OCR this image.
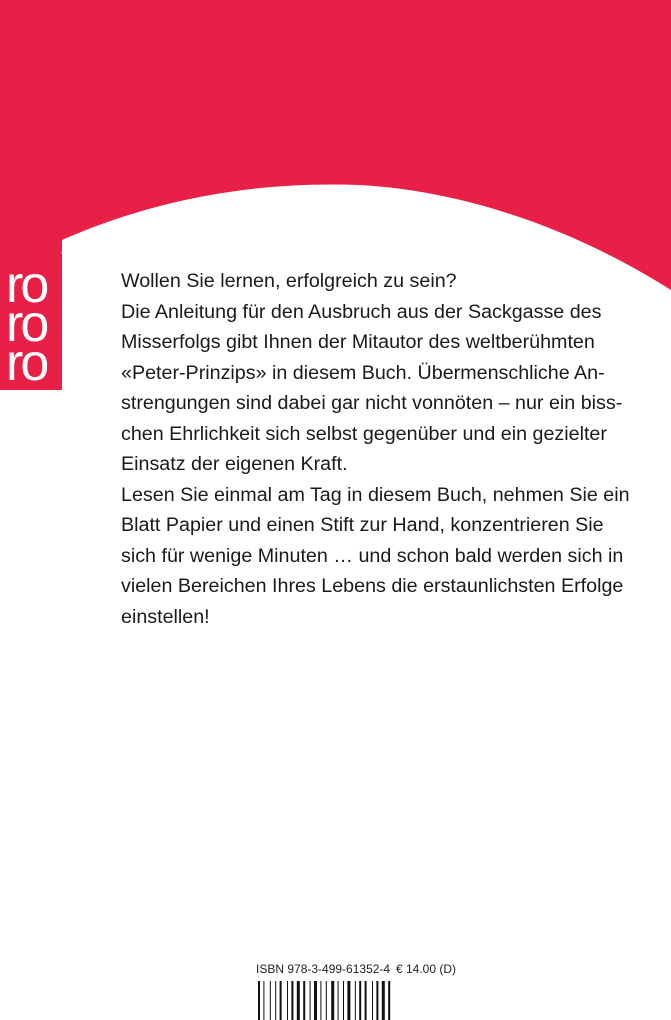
ro
ro
ro
Wollen Sie lernen, erfolgreich zu sein?
Die Anleitung für den Ausbruch aus der Sackgasse des
Misserfolgs gibt Ihnen der Mitautor des weltberühmten
«Peter-Prinzips» in diesem Buch. Übermenschliche An-
strengungen sind dabei gar nicht vonnöten – nur ein biss-
chen Ehrlichkeit sich selbst gegenüber und ein gezielter
Einsatz der eigenen Kraft.
Lesen Sie einmal am Tag in diesem Buch, nehmen Sie ein
Blatt Papier und einen Stift zur Hand, konzentrieren Sie
sich für wenige Minuten … und schon bald werden sich in
vielen Bereichen Ihres Lebens die erstaunlichsten Erfolge
einstellen!
ISBN 978-3-499-61352-4 € 14.00 (D)
